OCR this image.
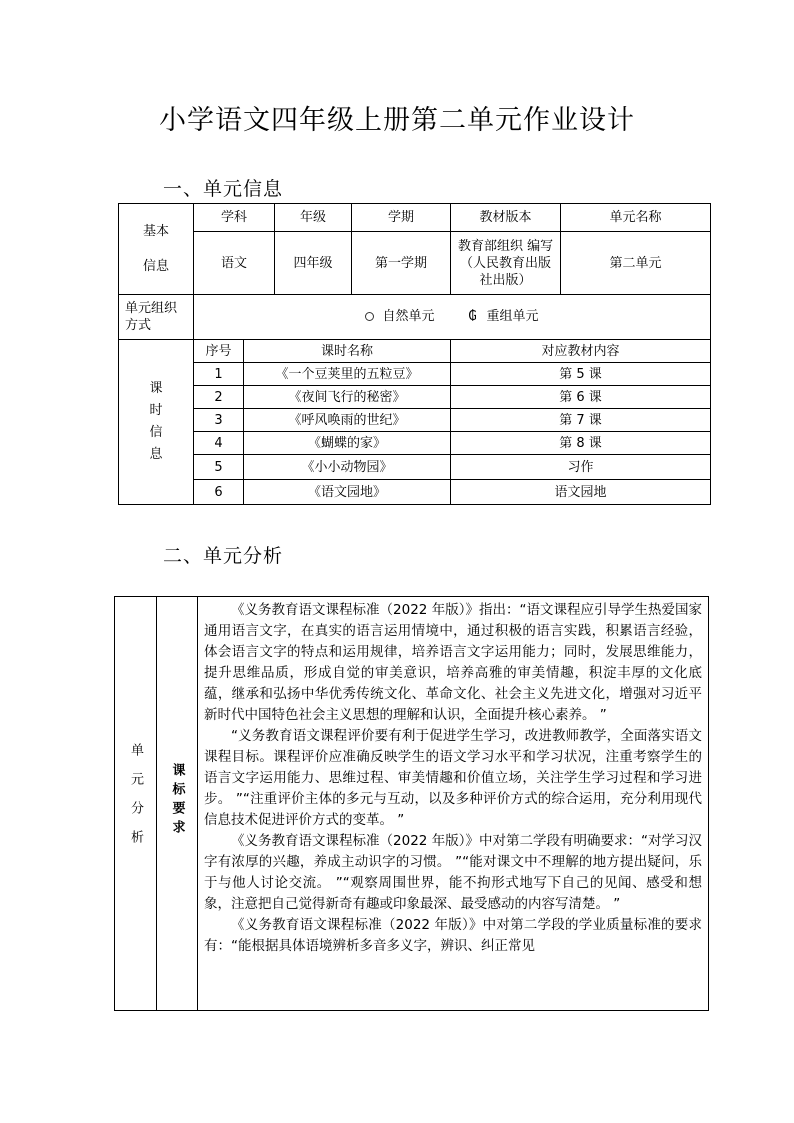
小学语文四年级上册第二单元作业设计
一、单元信息
基本
信息	学科		年级	学期	教材版本	单元名称
	语文		四年级	第一学期	教育部组织 编写（人民教育出版社出版）	第二单元
单元组织方式	自然单元 ₲ 重组单元					

课
时
信
息	序号	课时名称			对应教材内容	
	1	《一个豆荚里的五粒豆》			第 5 课	
	2	《夜间飞行的秘密》			第 6 课	
	3	《呼风唤雨的世纪》			第 7 课	
	4	《蝴蝶的家》			第 8 课	
	5	《小小动物园》			习作	
	6	《语文园地》			语文园地	
二、单元分析
单元分析	课标要求	

《义务教育语文课程标准（2022 年版）》指出：“语文课程应引导学生热爱国家通用语言文字，在真实的语言运用情境中，通过积极的语言实践，积累语言经验，体会语言文字的特点和运用规律，培养语言文字运用能力；同时，发展思维能力，提升思维品质，形成自觉的审美意识，培养高雅的审美情趣，积淀丰厚的文化底蕴，继承和弘扬中华优秀传统文化、革命文化、社会主义先进文化，增强对习近平新时代中国特色社会主义思想的理解和认识，全面提升核心素养。 ”

“义务教育语文课程评价要有利于促进学生学习，改进教师教学，全面落实语文课程目标。课程评价应准确反映学生的语文学习水平和学习状况，注重考察学生的语言文字运用能力、思维过程、审美情趣和价值立场，关注学生学习过程和学习进步。 ”“注重评价主体的多元与互动，以及多种评价方式的综合运用，充分利用现代信息技术促进评价方式的变革。 ”

《义务教育语文课程标准（2022 年版）》中对第二学段有明确要求：“对学习汉字有浓厚的兴趣，养成主动识字的习惯。 ”“能对课文中不理解的地方提出疑问，乐于与他人讨论交流。 ”“观察周围世界，能不拘形式地写下自己的见闻、感受和想象，注意把自己觉得新奇有趣或印象最深、最受感动的内容写清楚。 ”

《义务教育语文课程标准（2022 年版）》中对第二学段的学业质量标准的要求有：“能根据具体语境辨析多音多义字，辨识、纠正常见
